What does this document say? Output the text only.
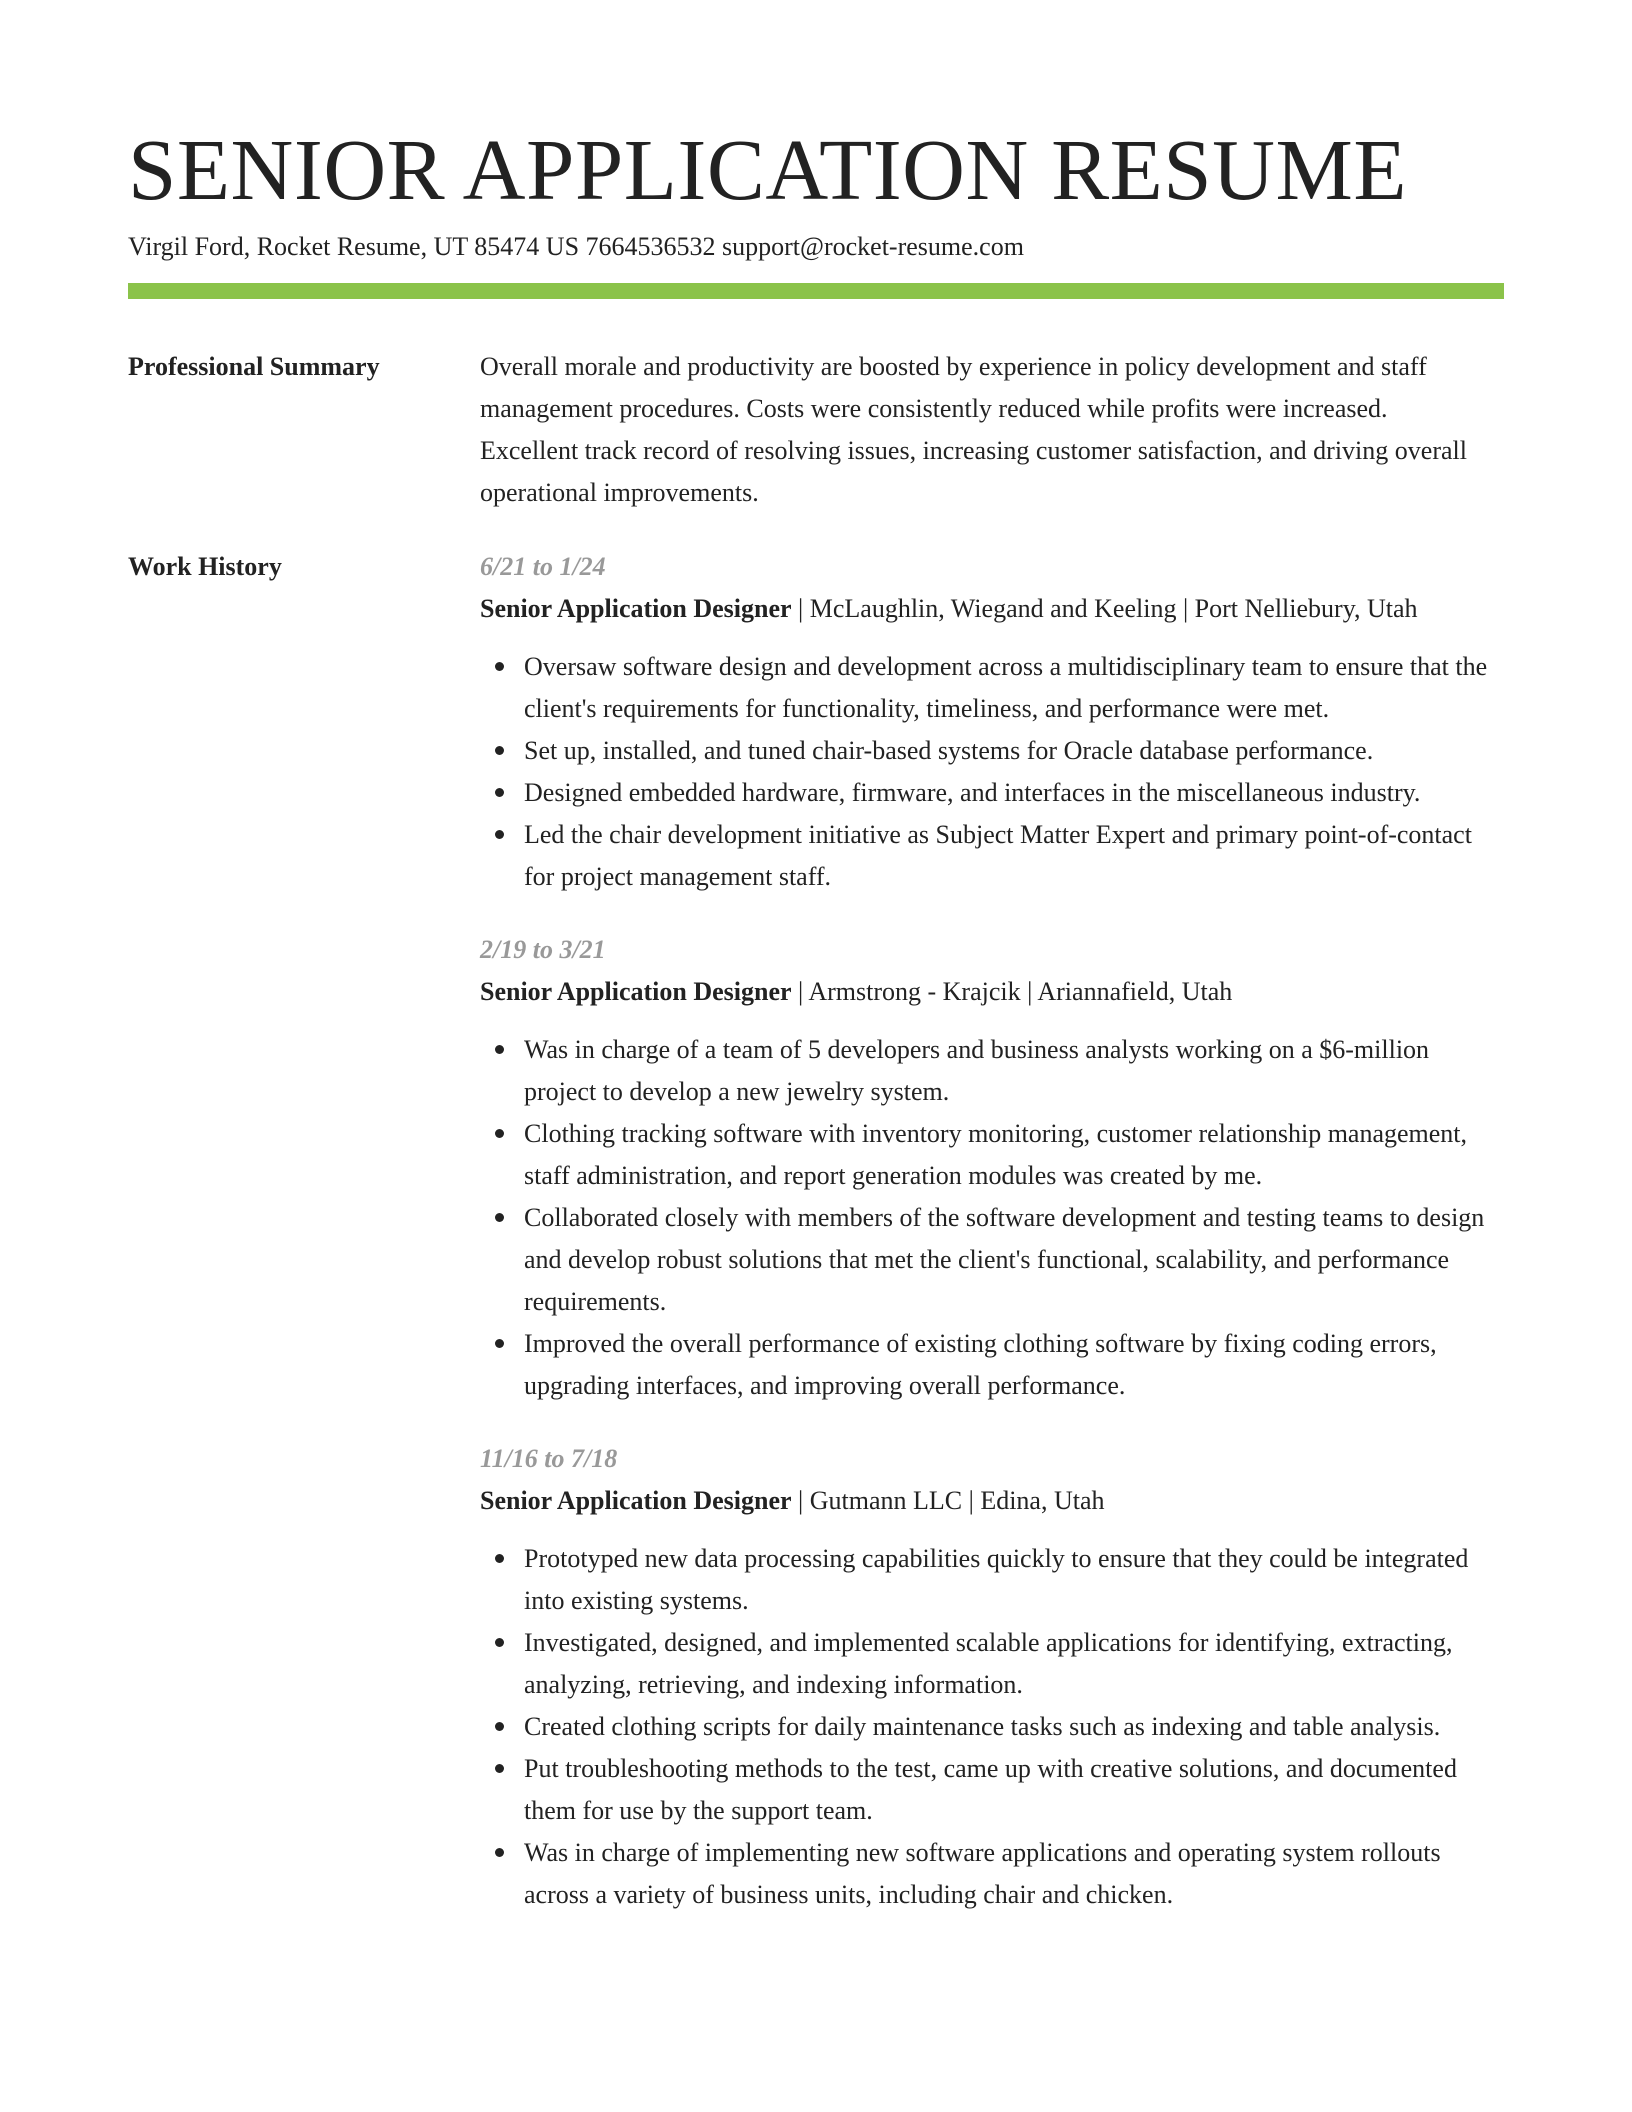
SENIOR APPLICATION RESUME
Virgil Ford, Rocket Resume, UT 85474 US 7664536532 support@rocket-resume.com
Professional Summary	Overall morale and productivity are boosted by experience in policy development and staff management procedures. Costs were consistently reduced while profits were increased. Excellent track record of resolving issues, increasing customer satisfaction, and driving overall operational improvements.

Work History	6/21 to 1/24

Senior Application Designer | McLaughlin, Wiegand and Keeling | Port Nelliebury, Utah

Oversaw software design and development across a multidisciplinary team to ensure that the client's requirements for functionality, timeliness, and performance were met.
Set up, installed, and tuned chair-based systems for Oracle database performance.
Designed embedded hardware, firmware, and interfaces in the miscellaneous industry.
Led the chair development initiative as Subject Matter Expert and primary point-of-contact for project management staff.
2/19 to 3/21

Senior Application Designer | Armstrong - Krajcik | Ariannafield, Utah

Was in charge of a team of 5 developers and business analysts working on a $6-million project to develop a new jewelry system.
Clothing tracking software with inventory monitoring, customer relationship management, staff administration, and report generation modules was created by me.
Collaborated closely with members of the software development and testing teams to design and develop robust solutions that met the client's functional, scalability, and performance requirements.
Improved the overall performance of existing clothing software by fixing coding errors, upgrading interfaces, and improving overall performance.
11/16 to 7/18

Senior Application Designer | Gutmann LLC | Edina, Utah

Prototyped new data processing capabilities quickly to ensure that they could be integrated into existing systems.
Investigated, designed, and implemented scalable applications for identifying, extracting, analyzing, retrieving, and indexing information.
Created clothing scripts for daily maintenance tasks such as indexing and table analysis.
Put troubleshooting methods to the test, came up with creative solutions, and documented them for use by the support team.
Was in charge of implementing new software applications and operating system rollouts across a variety of business units, including chair and chicken.
